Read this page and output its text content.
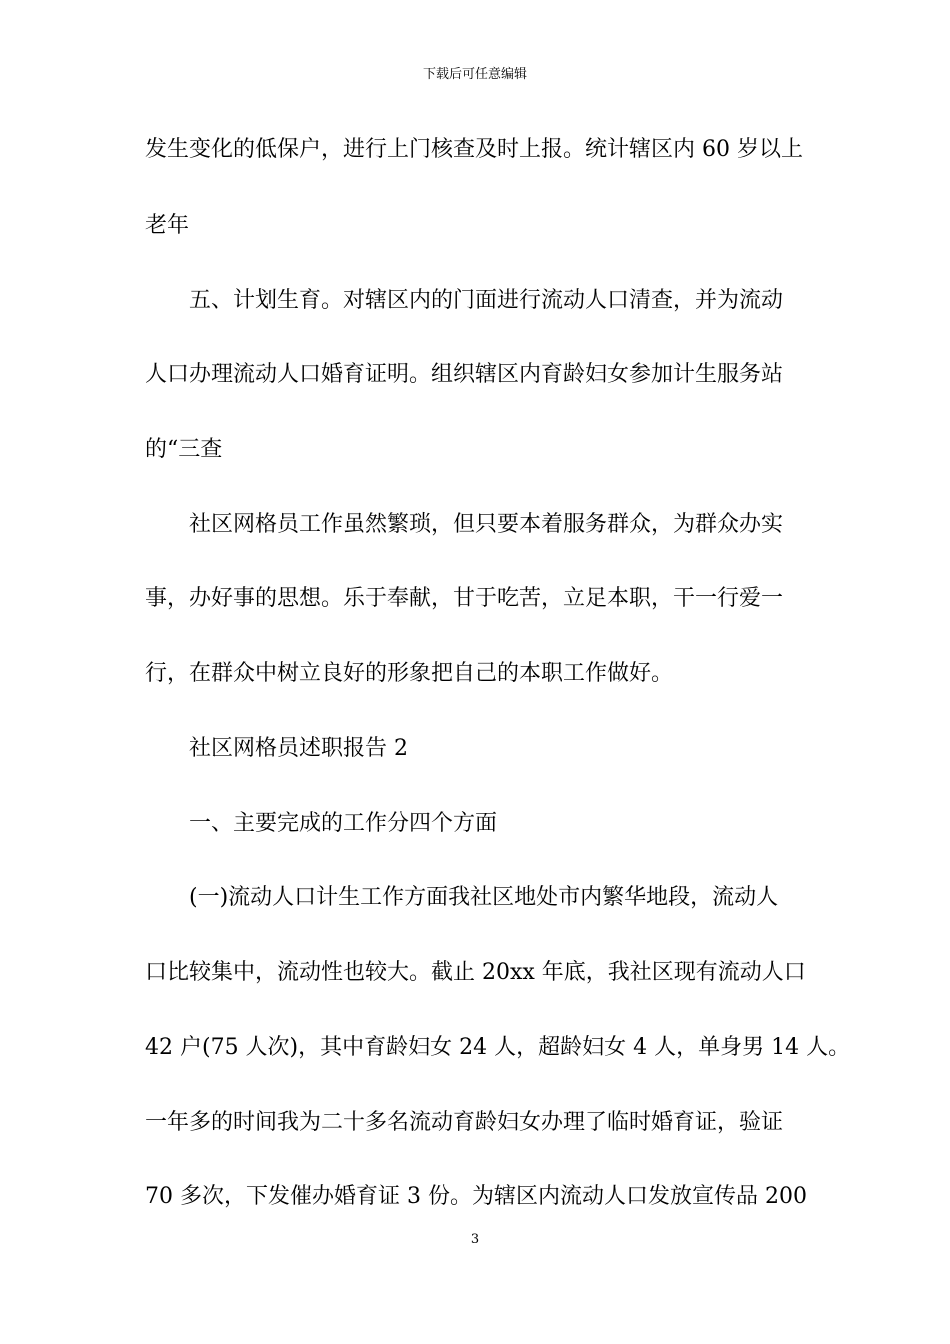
下载后可任意编辑
发生变化的低保户，进行上门核查及时上报。统计辖区内 60 岁以上
老年
　　五、计划生育。对辖区内的门面进行流动人口清查，并为流动
人口办理流动人口婚育证明。组织辖区内育龄妇女参加计生服务站
的“三查
　　社区网格员工作虽然繁琐，但只要本着服务群众，为群众办实
事，办好事的思想。乐于奉献，甘于吃苦，立足本职，干一行爱一
行，在群众中树立良好的形象把自己的本职工作做好。
　　社区网格员述职报告 2
　　一、主要完成的工作分四个方面
　　(一)流动人口计生工作方面我社区地处市内繁华地段，流动人
口比较集中，流动性也较大。截止 20xx 年底，我社区现有流动人口
42 户(75 人次)，其中育龄妇女 24 人，超龄妇女 4 人，单身男 14 人。
一年多的时间我为二十多名流动育龄妇女办理了临时婚育证，验证
70 多次，下发催办婚育证 3 份。为辖区内流动人口发放宣传品 200
3
